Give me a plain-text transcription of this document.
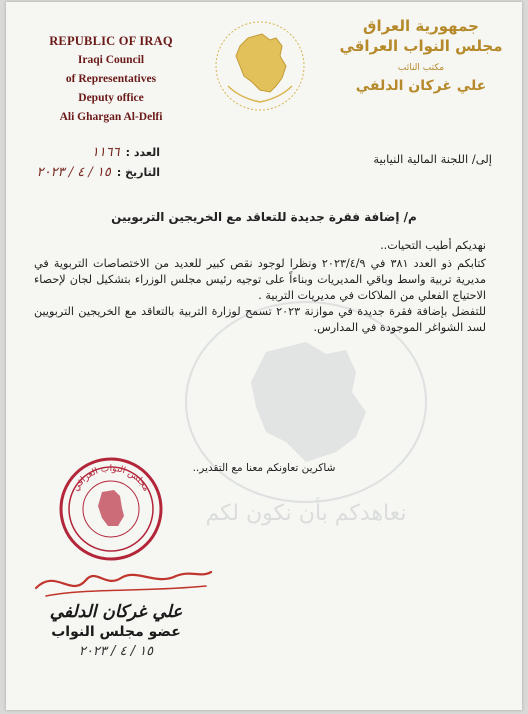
REPUBLIC OF IRAQ
Iraqi Council
of Representatives
Deputy office
Ali Ghargan Al-Delfi
جمهورية العراق
مجلس النواب العراقي
مكتب النائب
علي غركان الدلفي
العدد :
١١٦٦
التاريخ :
١٥ / ٤ / ٢٠٢٣
إلى/ اللجنة المالية النيابية
م/ إضافة فقرة جديدة للتعاقد مع الخريجين التربويين
نعاهدكم بأن نكون لكم

نهديكم أطيب التحيات..

كتابكم ذو العدد ٣٨١ في ٢٠٢٣/٤/٩ ونظرا لوجود نقص كبير للعديد من الاختصاصات التربوية في مديرية تربية واسط وباقي المديريات وبناءاً على توجيه رئيس مجلس الوزراء بتشكيل لجان لإحصاء الاحتياج الفعلي من الملاكات في مديريات التربية .

للتفضل بإضافة فقرة جديدة في موازنة ٢٠٢٣ تسمح لوزارة التربية بالتعاقد مع الخريجين التربويين لسد الشواغر الموجودة في المدارس.

شاكرين تعاونكم معنا مع التقدير..
مجلس النواب العراقي
علي غركان الدلفي
عضو مجلس النواب
١٥ / ٤ / ٢٠٢٣
